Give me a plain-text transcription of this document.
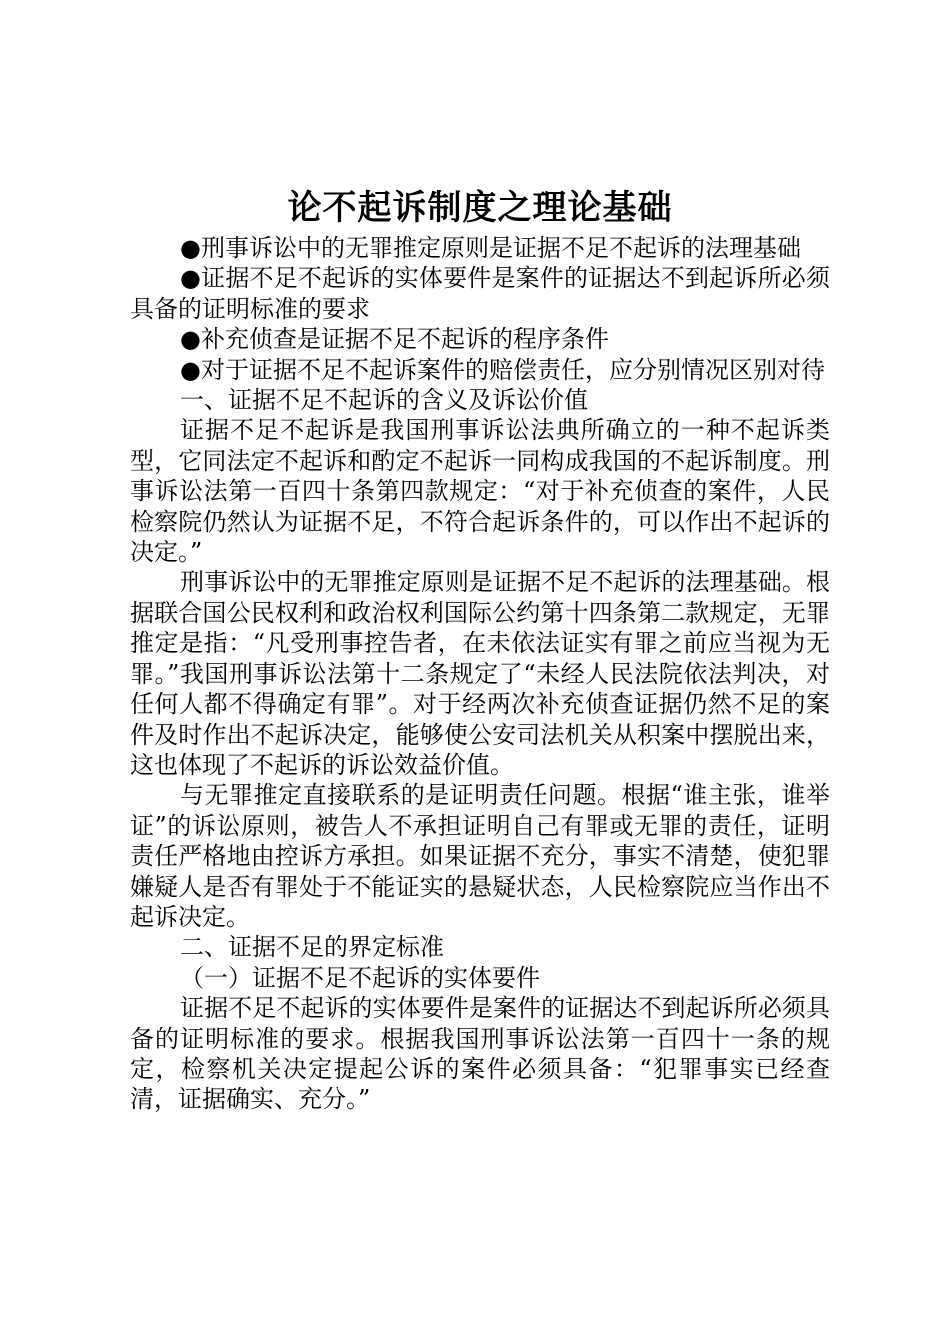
论不起诉制度之理论基础

●刑事诉讼中的无罪推定原则是证据不足不起诉的法理基础

●证据不足不起诉的实体要件是案件的证据达不到起诉所必须具备的证明标准的要求

●补充侦查是证据不足不起诉的程序条件

●对于证据不足不起诉案件的赔偿责任，应分别情况区别对待

一、证据不足不起诉的含义及诉讼价值

证据不足不起诉是我国刑事诉讼法典所确立的一种不起诉类型，它同法定不起诉和酌定不起诉一同构成我国的不起诉制度。刑事诉讼法第一百四十条第四款规定：“对于补充侦查的案件，人民检察院仍然认为证据不足，不符合起诉条件的，可以作出不起诉的决定。”

刑事诉讼中的无罪推定原则是证据不足不起诉的法理基础。根据联合国公民权利和政治权利国际公约第十四条第二款规定，无罪推定是指：“凡受刑事控告者，在未依法证实有罪之前应当视为无罪。”我国刑事诉讼法第十二条规定了“未经人民法院依法判决，对任何人都不得确定有罪”。对于经两次补充侦查证据仍然不足的案件及时作出不起诉决定，能够使公安司法机关从积案中摆脱出来，这也体现了不起诉的诉讼效益价值。

与无罪推定直接联系的是证明责任问题。根据“谁主张，谁举证”的诉讼原则，被告人不承担证明自己有罪或无罪的责任，证明责任严格地由控诉方承担。如果证据不充分，事实不清楚，使犯罪嫌疑人是否有罪处于不能证实的悬疑状态，人民检察院应当作出不起诉决定。

二、证据不足的界定标准

（一）证据不足不起诉的实体要件

证据不足不起诉的实体要件是案件的证据达不到起诉所必须具备的证明标准的要求。根据我国刑事诉讼法第一百四十一条的规定，检察机关决定提起公诉的案件必须具备：“犯罪事实已经查清，证据确实、充分。”
